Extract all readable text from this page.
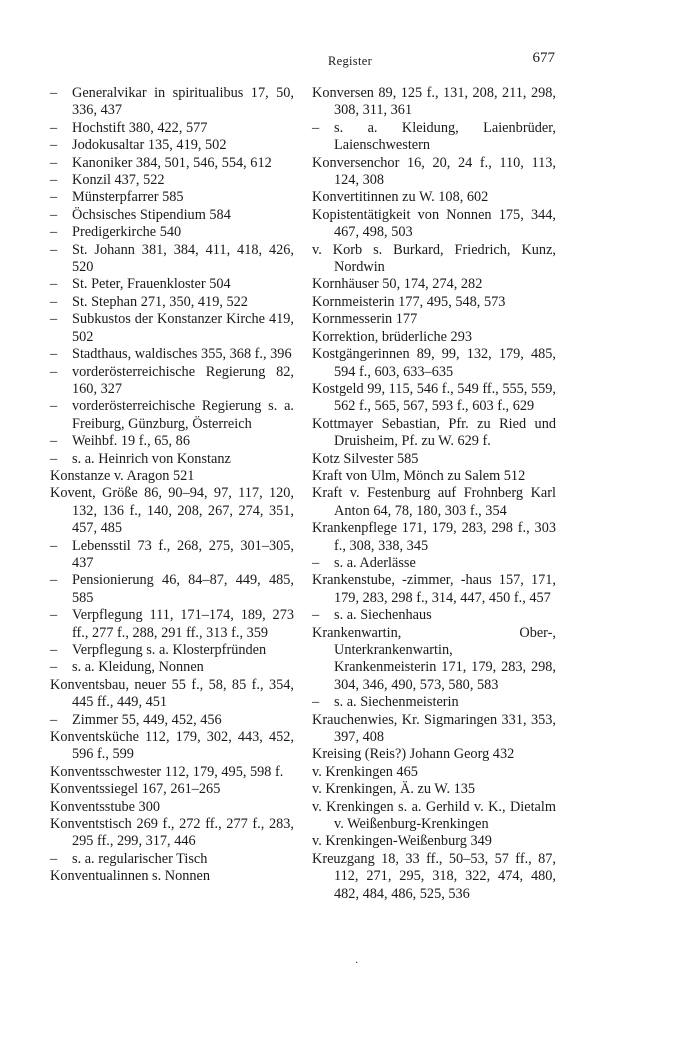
Register	677
– Generalvikar in spiritualibus 17, 50, 336, 437
– Hochstift 380, 422, 577
– Jodokusaltar 135, 419, 502
– Kanoniker 384, 501, 546, 554, 612
– Konzil 437, 522
– Münsterpfarrer 585
– Öchsisches Stipendium 584
– Predigerkirche 540
– St. Johann 381, 384, 411, 418, 426, 520
– St. Peter, Frauenkloster 504
– St. Stephan 271, 350, 419, 522
– Subkustos der Konstanzer Kirche 419, 502
– Stadthaus, waldisches 355, 368 f., 396
– vorderösterreichische Regierung 82, 160, 327
– vorderösterreichische Regierung s. a. Freiburg, Günzburg, Österreich
– Weihbf. 19 f., 65, 86
– s. a. Heinrich von Konstanz
Konstanze v. Aragon 521
Kovent, Größe 86, 90–94, 97, 117, 120, 132, 136 f., 140, 208, 267, 274, 351, 457, 485
– Lebensstil 73 f., 268, 275, 301–305, 437
– Pensionierung 46, 84–87, 449, 485, 585
– Verpflegung 111, 171–174, 189, 273 ff., 277 f., 288, 291 ff., 313 f., 359
– Verpflegung s. a. Klosterpfründen
– s. a. Kleidung, Nonnen
Konventsbau, neuer 55 f., 58, 85 f., 354, 445 ff., 449, 451
– Zimmer 55, 449, 452, 456
Konventsküche 112, 179, 302, 443, 452, 596 f., 599
Konventsschwester 112, 179, 495, 598 f.
Konventssiegel 167, 261–265
Konventsstube 300
Konventstisch 269 f., 272 ff., 277 f., 283, 295 ff., 299, 317, 446
– s. a. regularischer Tisch
Konventualinnen s. Nonnen
Konversen 89, 125 f., 131, 208, 211, 298, 308, 311, 361
– s. a. Kleidung, Laienbrüder, Laienschwestern
Konversenchor 16, 20, 24 f., 110, 113, 124, 308
Konvertitinnen zu W. 108, 602
Kopistentätigkeit von Nonnen 175, 344, 467, 498, 503
v. Korb s. Burkard, Friedrich, Kunz, Nordwin
Kornhäuser 50, 174, 274, 282
Kornmeisterin 177, 495, 548, 573
Kornmesserin 177
Korrektion, brüderliche 293
Kostgängerinnen 89, 99, 132, 179, 485, 594 f., 603, 633–635
Kostgeld 99, 115, 546 f., 549 ff., 555, 559, 562 f., 565, 567, 593 f., 603 f., 629
Kottmayer Sebastian, Pfr. zu Ried und Druisheim, Pf. zu W. 629 f.
Kotz Silvester 585
Kraft von Ulm, Mönch zu Salem 512
Kraft v. Festenburg auf Frohnberg Karl Anton 64, 78, 180, 303 f., 354
Krankenpflege 171, 179, 283, 298 f., 303 f., 308, 338, 345
– s. a. Aderlässe
Krankenstube, -zimmer, -haus 157, 171, 179, 283, 298 f., 314, 447, 450 f., 457
– s. a. Siechenhaus
Krankenwartin, Ober-, Unterkrankenwartin, Krankenmeisterin 171, 179, 283, 298, 304, 346, 490, 573, 580, 583
– s. a. Siechenmeisterin
Krauchenwies, Kr. Sigmaringen 331, 353, 397, 408
Kreising (Reis?) Johann Georg 432
v. Krenkingen 465
v. Krenkingen, Ä. zu W. 135
v. Krenkingen s. a. Gerhild v. K., Dietalm v. Weißenburg-Krenkingen
v. Krenkingen-Weißenburg 349
Kreuzgang 18, 33 ff., 50–53, 57 ff., 87, 112, 271, 295, 318, 322, 474, 480, 482, 484, 486, 525, 536
·
